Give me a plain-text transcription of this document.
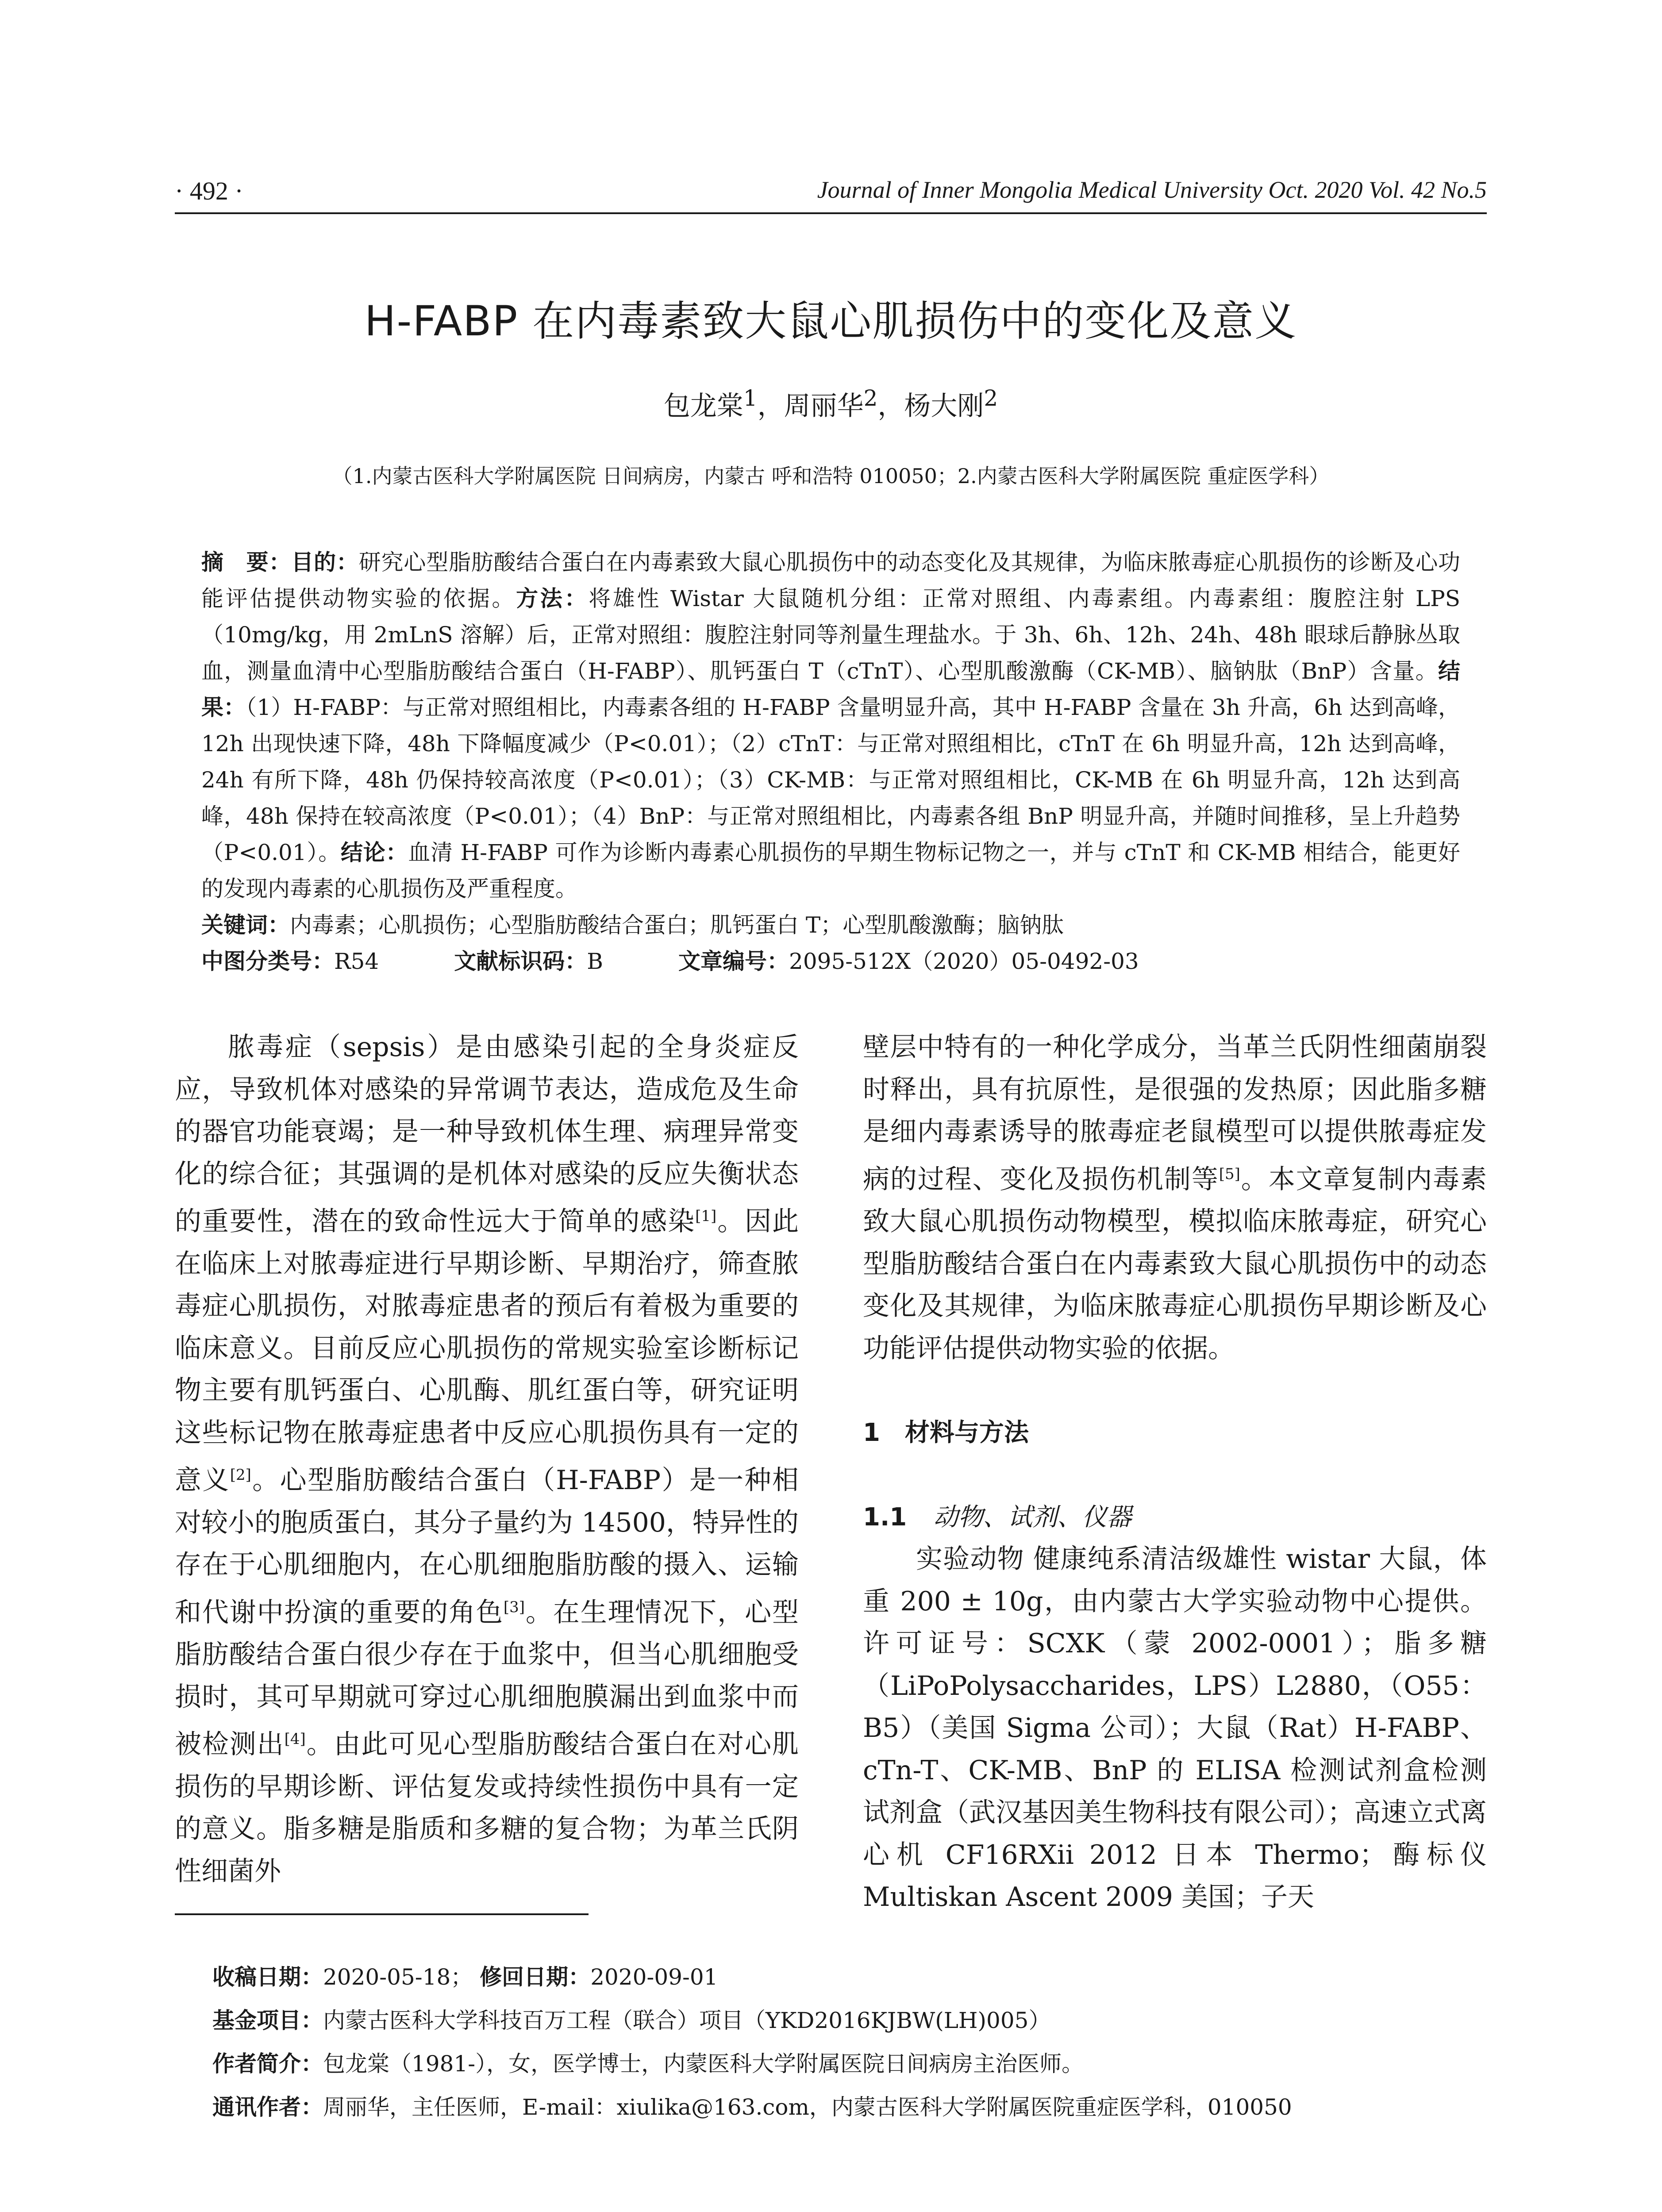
· 492 ·	Journal of Inner Mongolia Medical University Oct. 2020 Vol. 42 No.5
H-FABP 在内毒素致大鼠心肌损伤中的变化及意义
包龙棠$^1$，周丽华$^2$，杨大刚$^2$
（1.内蒙古医科大学附属医院 日间病房，内蒙古 呼和浩特 010050；2.内蒙古医科大学附属医院 重症医学科）

摘　要：目的：研究心型脂肪酸结合蛋白在内毒素致大鼠心肌损伤中的动态变化及其规律，为临床脓毒症心肌损伤的诊断及心功能评估提供动物实验的依据。方法：将雄性 Wistar 大鼠随机分组：正常对照组、内毒素组。内毒素组：腹腔注射 LPS（10mg/kg，用 2mLnS 溶解）后，正常对照组：腹腔注射同等剂量生理盐水。于 3h、6h、12h、24h、48h 眼球后静脉丛取血，测量血清中心型脂肪酸结合蛋白（H-FABP）、肌钙蛋白 T（cTnT）、心型肌酸激酶（CK-MB）、脑钠肽（BnP）含量。结果：（1）H-FABP：与正常对照组相比，内毒素各组的 H-FABP 含量明显升高，其中 H-FABP 含量在 3h 升高，6h 达到高峰，12h 出现快速下降，48h 下降幅度减少（P<0.01）；（2）cTnT：与正常对照组相比，cTnT 在 6h 明显升高，12h 达到高峰，24h 有所下降，48h 仍保持较高浓度（P<0.01）；（3）CK-MB：与正常对照组相比，CK-MB 在 6h 明显升高，12h 达到高峰，48h 保持在较高浓度（P<0.01）；（4）BnP：与正常对照组相比，内毒素各组 BnP 明显升高，并随时间推移，呈上升趋势（P<0.01）。结论：血清 H-FABP 可作为诊断内毒素心肌损伤的早期生物标记物之一，并与 cTnT 和 CK-MB 相结合，能更好的发现内毒素的心肌损伤及严重程度。

关键词：内毒素；心肌损伤；心型脂肪酸结合蛋白；肌钙蛋白 T；心型肌酸激酶；脑钠肽

中图分类号：R54	文献标识码：B	文章编号：2095-512X（2020）05-0492-03

脓毒症（sepsis）是由感染引起的全身炎症反应，导致机体对感染的异常调节表达，造成危及生命的器官功能衰竭；是一种导致机体生理、病理异常变化的综合征；其强调的是机体对感染的反应失衡状态的重要性，潜在的致命性远大于简单的感染[1]。因此在临床上对脓毒症进行早期诊断、早期治疗，筛查脓毒症心肌损伤，对脓毒症患者的预后有着极为重要的临床意义。目前反应心肌损伤的常规实验室诊断标记物主要有肌钙蛋白、心肌酶、肌红蛋白等，研究证明这些标记物在脓毒症患者中反应心肌损伤具有一定的意义[2]。心型脂肪酸结合蛋白（H-FABP）是一种相对较小的胞质蛋白，其分子量约为 14500，特异性的存在于心肌细胞内，在心肌细胞脂肪酸的摄入、运输和代谢中扮演的重要的角色[3]。在生理情况下，心型脂肪酸结合蛋白很少存在于血浆中，但当心肌细胞受损时，其可早期就可穿过心肌细胞膜漏出到血浆中而被检测出[4]。由此可见心型脂肪酸结合蛋白在对心肌损伤的早期诊断、评估复发或持续性损伤中具有一定的意义。脂多糖是脂质和多糖的复合物；为革兰氏阴性细菌外

壁层中特有的一种化学成分，当革兰氏阴性细菌崩裂时释出，具有抗原性，是很强的发热原；因此脂多糖是细内毒素诱导的脓毒症老鼠模型可以提供脓毒症发病的过程、变化及损伤机制等[5]。本文章复制内毒素致大鼠心肌损伤动物模型，模拟临床脓毒症，研究心型脂肪酸结合蛋白在内毒素致大鼠心肌损伤中的动态变化及其规律，为临床脓毒症心肌损伤早期诊断及心功能评估提供动物实验的依据。

1　材料与方法

1.1 动物、试剂、仪器

实验动物 健康纯系清洁级雄性 wistar 大鼠，体重 200 ± 10g，由内蒙古大学实验动物中心提供。许可证号：SCXK（蒙 2002-0001）；脂多糖（LiPoPolysaccharides，LPS）L2880，（O55：B5）（美国 Sigma 公司）；大鼠（Rat）H-FABP、cTn-T、CK-MB、BnP 的 ELISA 检测试剂盒检测 试剂盒（武汉基因美生物科技有限公司）；高速立式离心机 CF16RXii 2012 日本 Thermo；酶标仪 Multiskan Ascent 2009 美国；子天

收稿日期：2020-05-18； 修回日期：2020-09-01

基金项目：内蒙古医科大学科技百万工程（联合）项目（YKD2016KJBW(LH)005）

作者简介：包龙棠（1981-），女，医学博士，内蒙医科大学附属医院日间病房主治医师。

通讯作者：周丽华，主任医师，E-mail：xiulika@163.com，内蒙古医科大学附属医院重症医学科，010050
